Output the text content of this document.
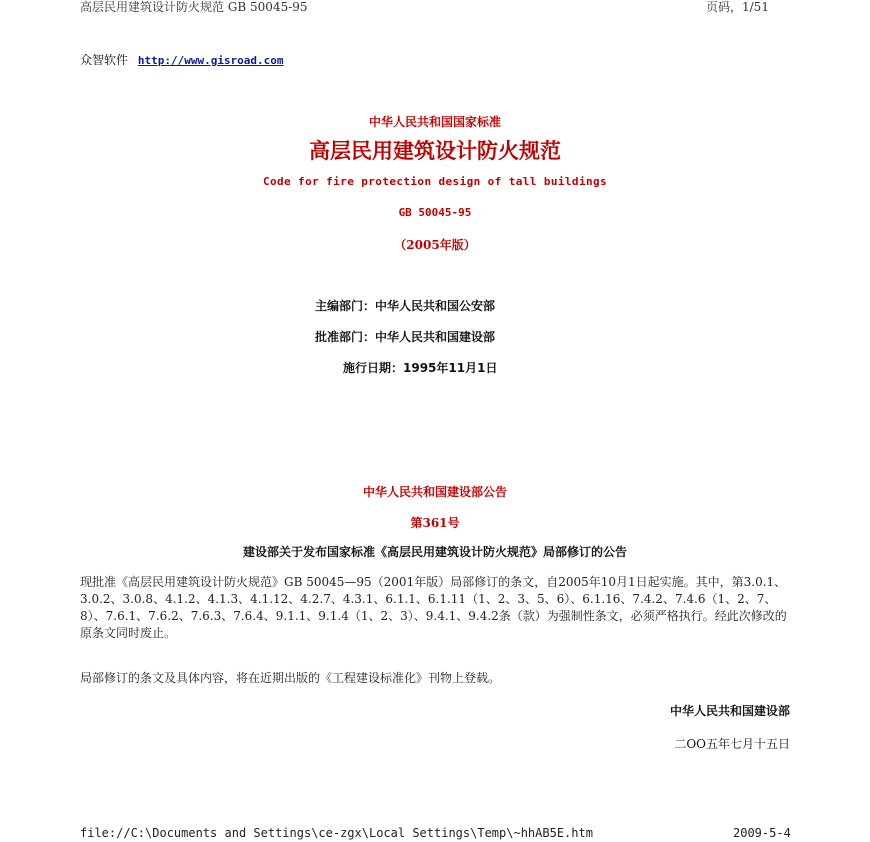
高层民用建筑设计防火规范 GB 50045-95	页码，1/51
众智软件 http://www.gisroad.com
中华人民共和国国家标准
高层民用建筑设计防火规范
Code for fire protection design of tall buildings
GB 50045-95
（2005年版）
主编部门：中华人民共和国公安部
批准部门：中华人民共和国建设部
施行日期：1995年11月1日
中华人民共和国建设部公告
第361号
建设部关于发布国家标准《高层民用建筑设计防火规范》局部修订的公告
现批准《高层民用建筑设计防火规范》GB 50045—95（2001年版）局部修订的条文，自2005年10月1日起实施。其中，第3.0.1、3.0.2、3.0.8、4.1.2、4.1.3、4.1.12、4.2.7、4.3.1、6.1.1、6.1.11（1、2、3、5、6）、6.1.16、7.4.2、7.4.6（1、2、7、8）、7.6.1、7.6.2、7.6.3、7.6.4、9.1.1、9.1.4（1、2、3）、9.4.1、9.4.2条（款）为强制性条文，必须严格执行。经此次修改的原条文同时废止。
局部修订的条文及具体内容，将在近期出版的《工程建设标准化》刊物上登载。
中华人民共和国建设部
二OO五年七月十五日
file://C:\Documents and Settings\ce-zgx\Local Settings\Temp\~hhAB5E.htm	2009-5-4
